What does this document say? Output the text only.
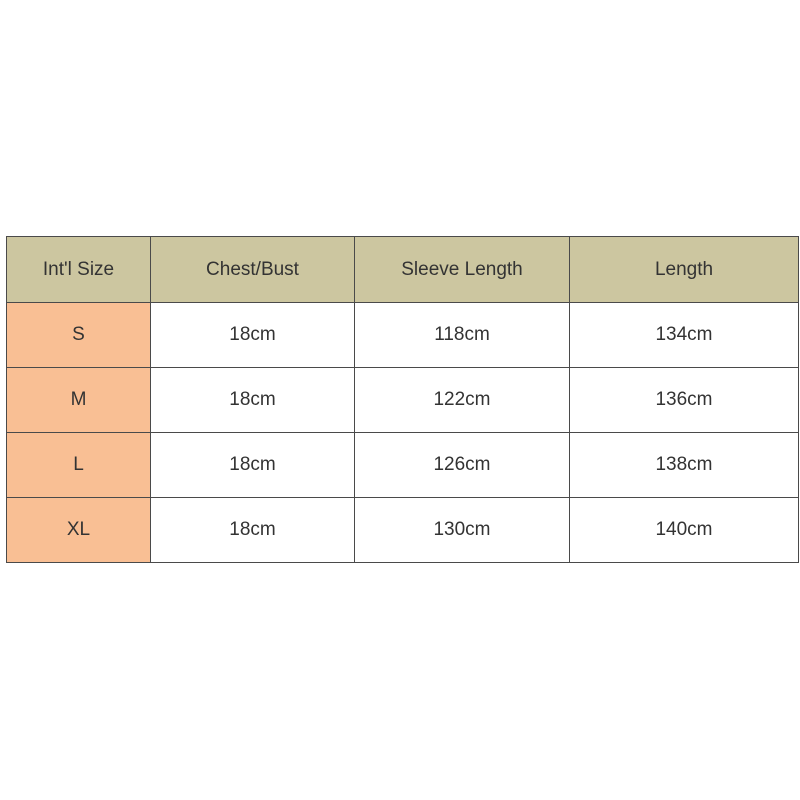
Int'l Size	Chest/Bust	Sleeve Length	Length
S	18cm	118cm	134cm
M	18cm	122cm	136cm
L	18cm	126cm	138cm
XL	18cm	130cm	140cm
